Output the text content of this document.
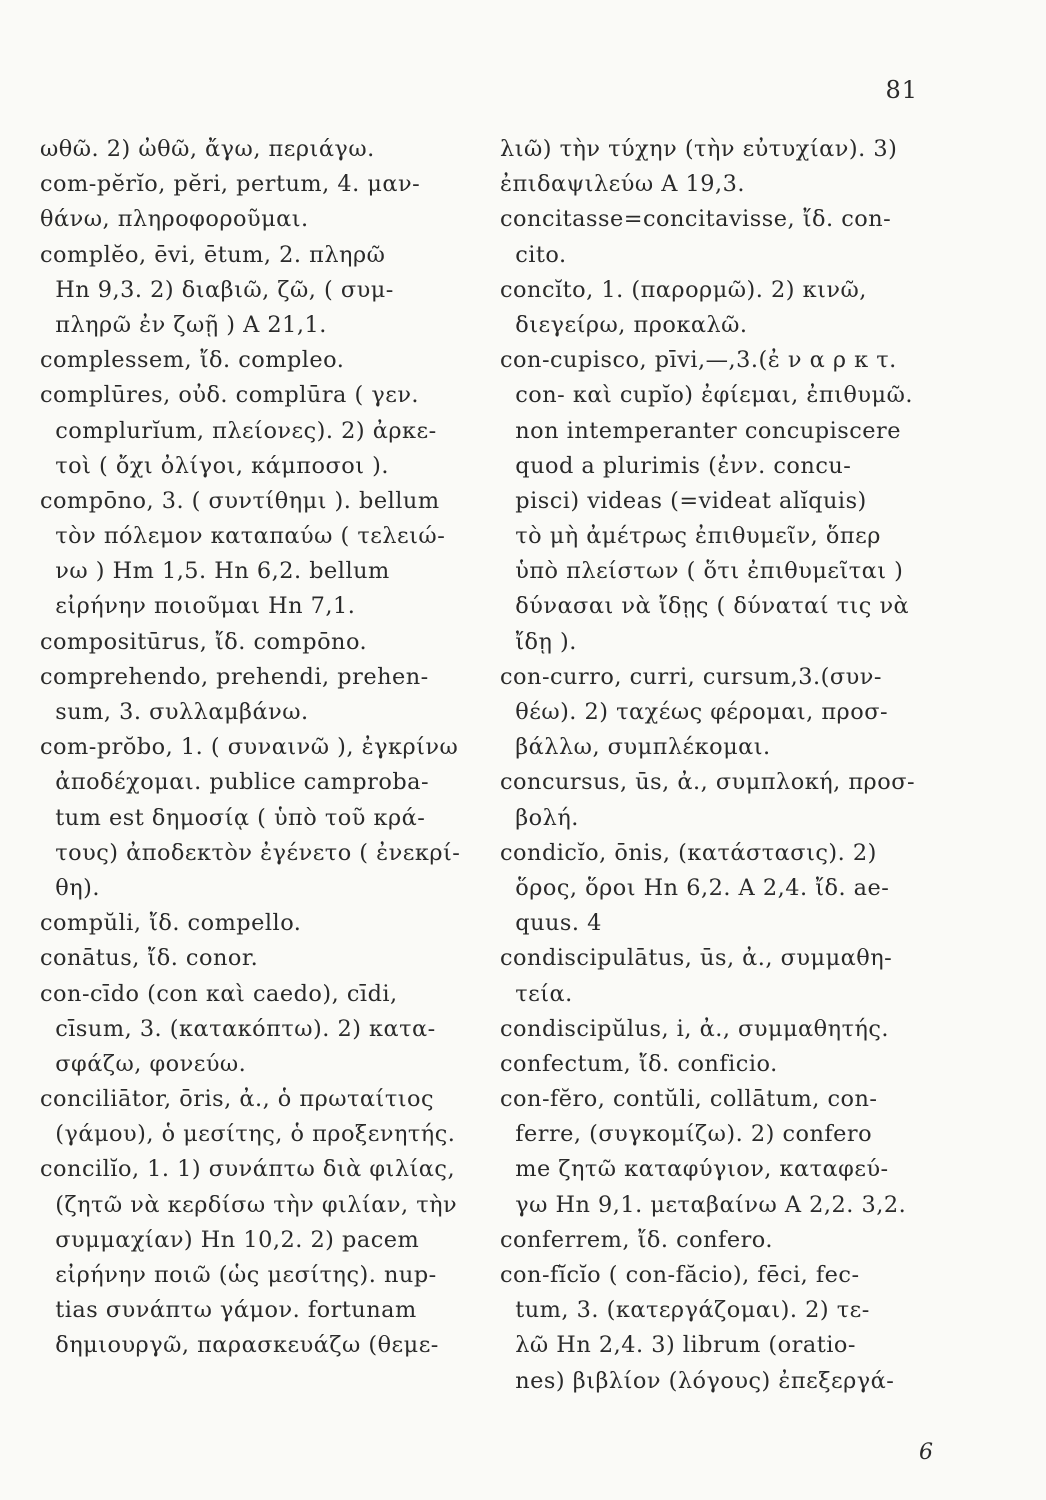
81
ωθῶ. 2) ὠθῶ, ἄγω, περιάγω.
com-pĕrĭo, pĕri, pertum, 4. μαν-
θάνω, πληροφοροῦμαι.
complĕo, ēvi, ētum, 2. πληρῶ
Hn 9,3. 2) διαβιῶ, ζῶ, ( συμ-
πληρῶ ἐν ζωῇ ) A 21,1.
complessem, ἴδ. compleo.
complūres, οὐδ. complūra ( γεν.
complurĭum, πλείονες). 2) ἀρκε-
τοὶ ( ὄχι ὀλίγοι, κάμποσοι ).
compōno, 3. ( συντίθημι ). bellum
τὸν πόλεμον καταπαύω ( τελειώ-
νω ) Hm 1,5. Hn 6,2. bellum
εἰρήνην ποιοῦμαι Hn 7,1.
compositūrus, ἴδ. compōno.
comprehendo, prehendi, prehen-
sum, 3. συλλαμβάνω.
com-prŏbo, 1. ( συναινῶ ), ἐγκρίνω
ἀποδέχομαι. publice camproba-
tum est δημοσίᾳ ( ὑπὸ τοῦ κρά-
τους) ἀποδεκτὸν ἐγένετο ( ἐνεκρί-
θη).
compŭli, ἴδ. compello.
conātus, ἴδ. conor.
con-cīdo (con καὶ caedo), cīdi,
cīsum, 3. (κατακόπτω). 2) κατα-
σφάζω, φονεύω.
conciliātor, ōris, ἀ., ὁ πρωταίτιος
(γάμου), ὁ μεσίτης, ὁ προξενητής.
concilĭo, 1. 1) συνάπτω διὰ φιλίας,
(ζητῶ νὰ κερδίσω τὴν φιλίαν, τὴν
συμμαχίαν) Hn 10,2. 2) pacem
εἰρήνην ποιῶ (ὡς μεσίτης). nup-
tias συνάπτω γάμον. fortunam
δημιουργῶ, παρασκευάζω (θεμε-
λιῶ) τὴν τύχην (τὴν εὐτυχίαν). 3)
ἐπιδαψιλεύω A 19,3.
concitasse=concitavisse, ἴδ. con-
cito.
concĭto, 1. (παρορμῶ). 2) κινῶ,
διεγείρω, προκαλῶ.
con-cupisco, pīvi,—,3.(ἐ ν α ρ κ τ.
con- καὶ cupĭo) ἐφίεμαι, ἐπιθυμῶ.
non intemperanter concupiscere
quod a plurimis (ἐνν. concu-
pisci) videas (=videat alĭquis)
τὸ μὴ ἀμέτρως ἐπιθυμεῖν, ὅπερ
ὑπὸ πλείστων ( ὅτι ἐπιθυμεῖται )
δύνασαι νὰ ἴδῃς ( δύναταί τις νὰ
ἴδῃ ).
con-curro, curri, cursum,3.(συν-
θέω). 2) ταχέως φέρομαι, προσ-
βάλλω, συμπλέκομαι.
concursus, ūs, ἀ., συμπλοκή, προσ-
βολή.
condicĭo, ōnis, (κατάστασις). 2)
ὅρος, ὅροι Hn 6,2. A 2,4. ἴδ. ae-
quus. 4
condiscipulātus, ūs, ἀ., συμμαθη-
τεία.
condiscipŭlus, i, ἀ., συμμαθητής.
confectum, ἴδ. conficio.
con-fĕro, contŭli, collātum, con-
ferre, (συγκομίζω). 2) confero
me ζητῶ καταφύγιον, καταφεύ-
γω Hn 9,1. μεταβαίνω A 2,2. 3,2.
conferrem, ἴδ. confero.
con-fĭcĭo ( con-făcio), fēci, fec-
tum, 3. (κατεργάζομαι). 2) τε-
λῶ Hn 2,4. 3) librum (oratio-
nes) βιβλίον (λόγους) ἐπεξεργά-
6
